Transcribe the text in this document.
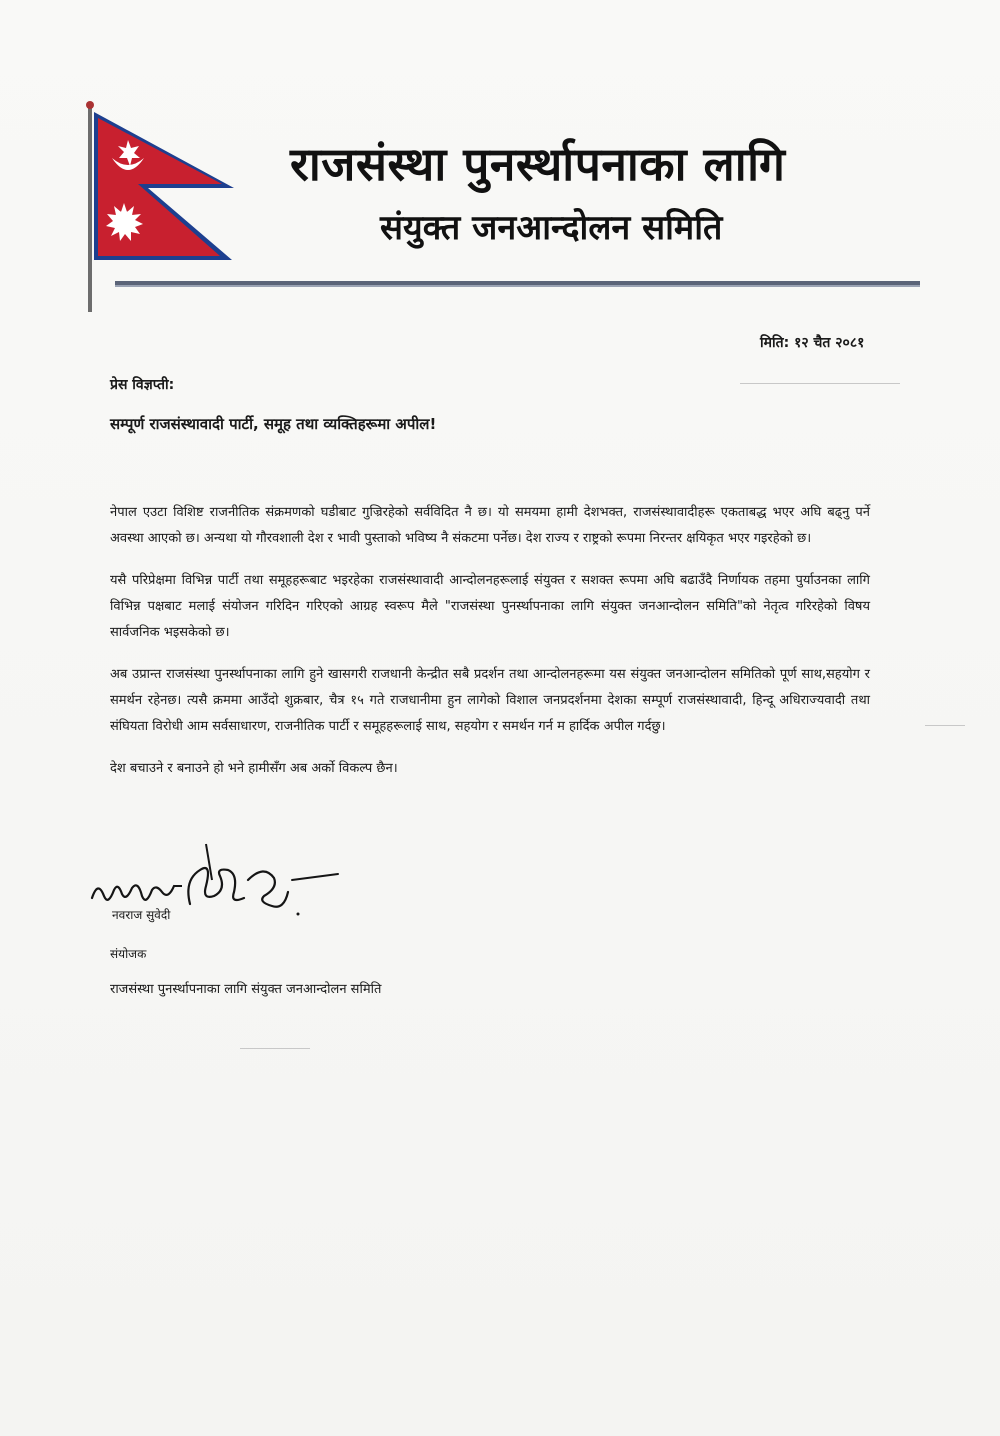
राजसंस्था पुनर्स्थापनाका लागि
संयुक्त जनआन्दोलन समिति
मिति: १२ चैत २०८१
प्रेस विज्ञप्ती:
सम्पूर्ण राजसंस्थावादी पार्टी, समूह तथा व्यक्तिहरूमा अपील!

नेपाल एउटा विशिष्ट राजनीतिक संक्रमणको घडीबाट गुज्रिरहेको सर्वविदित नै छ। यो समयमा हामी देशभक्त, राजसंस्थावादीहरू एकताबद्ध भएर अघि बढ्नु पर्ने अवस्था आएको छ। अन्यथा यो गौरवशाली देश र भावी पुस्ताको भविष्य नै संकटमा पर्नेछ। देश राज्य र राष्ट्रको रूपमा निरन्तर क्षयिकृत भएर गइरहेको छ।

यसै परिप्रेक्षमा विभिन्न पार्टी तथा समूहहरूबाट भइरहेका राजसंस्थावादी आन्दोलनहरूलाई संयुक्त र सशक्त रूपमा अघि बढाउँदै निर्णायक तहमा पुर्याउनका लागि विभिन्न पक्षबाट मलाई संयोजन गरिदिन गरिएको आग्रह स्वरूप मैले "राजसंस्था पुनर्स्थापनाका लागि संयुक्त जनआन्दोलन समिति"को नेतृत्व गरिरहेको विषय सार्वजनिक भइसकेको छ।

अब उप्रान्त राजसंस्था पुनर्स्थापनाका लागि हुने खासगरी राजधानी केन्द्रीत सबै प्रदर्शन तथा आन्दोलनहरूमा यस संयुक्त जनआन्दोलन समितिको पूर्ण साथ,सहयोग र समर्थन रहेनछ। त्यसै क्रममा आउँदो शुक्रबार, चैत्र १५ गते राजधानीमा हुन लागेको विशाल जनप्रदर्शनमा देशका सम्पूर्ण राजसंस्थावादी, हिन्दू अधिराज्यवादी तथा संघियता विरोधी आम सर्वसाधारण, राजनीतिक पार्टी र समूहहरूलाई साथ, सहयोग र समर्थन गर्न म हार्दिक अपील गर्दछु।

देश बचाउने र बनाउने हो भने हामीसँग अब अर्को विकल्प छैन।

नवराज सुवेदी
संयोजक
राजसंस्था पुनर्स्थापनाका लागि संयुक्त जनआन्दोलन समिति
